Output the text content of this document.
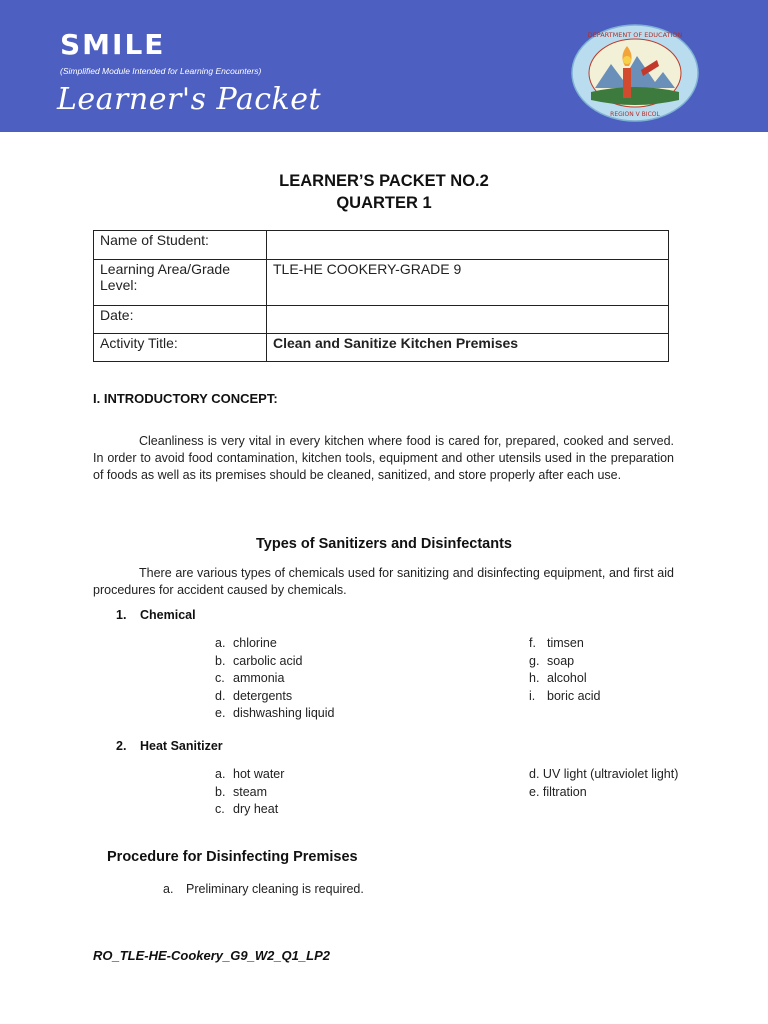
SMILE
(Simplified Module Intended for Learning Encounters)
Learner's Packet
DEPARTMENT OF EDUCATION
REGION V BICOL
LEARNER’S PACKET NO.2
QUARTER 1
Name of Student:	
Learning Area/Grade Level:	TLE-HE COOKERY-GRADE 9
Date:	
Activity Title:	Clean and Sanitize Kitchen Premises
I. INTRODUCTORY CONCEPT:
Cleanliness is very vital in every kitchen where food is cared for, prepared, cooked and served. In order to avoid food contamination, kitchen tools, equipment and other utensils used in the preparation of foods as well as its premises should be cleaned, sanitized, and store properly after each use.
Types of Sanitizers and Disinfectants
There are various types of chemicals used for sanitizing and disinfecting equipment, and first aid procedures for accident caused by chemicals.
1. Chemical
a. chlorine
b. carbolic acid
c. ammonia
d. detergents
e. dishwashing liquid
f. timsen
g. soap
h. alcohol
i. boric acid
2. Heat Sanitizer
a. hot water
b. steam
c. dry heat
d. UV light (ultraviolet light)
e. filtration
Procedure for Disinfecting Premises
a. Preliminary cleaning is required.
RO_TLE-HE-Cookery_G9_W2_Q1_LP2
